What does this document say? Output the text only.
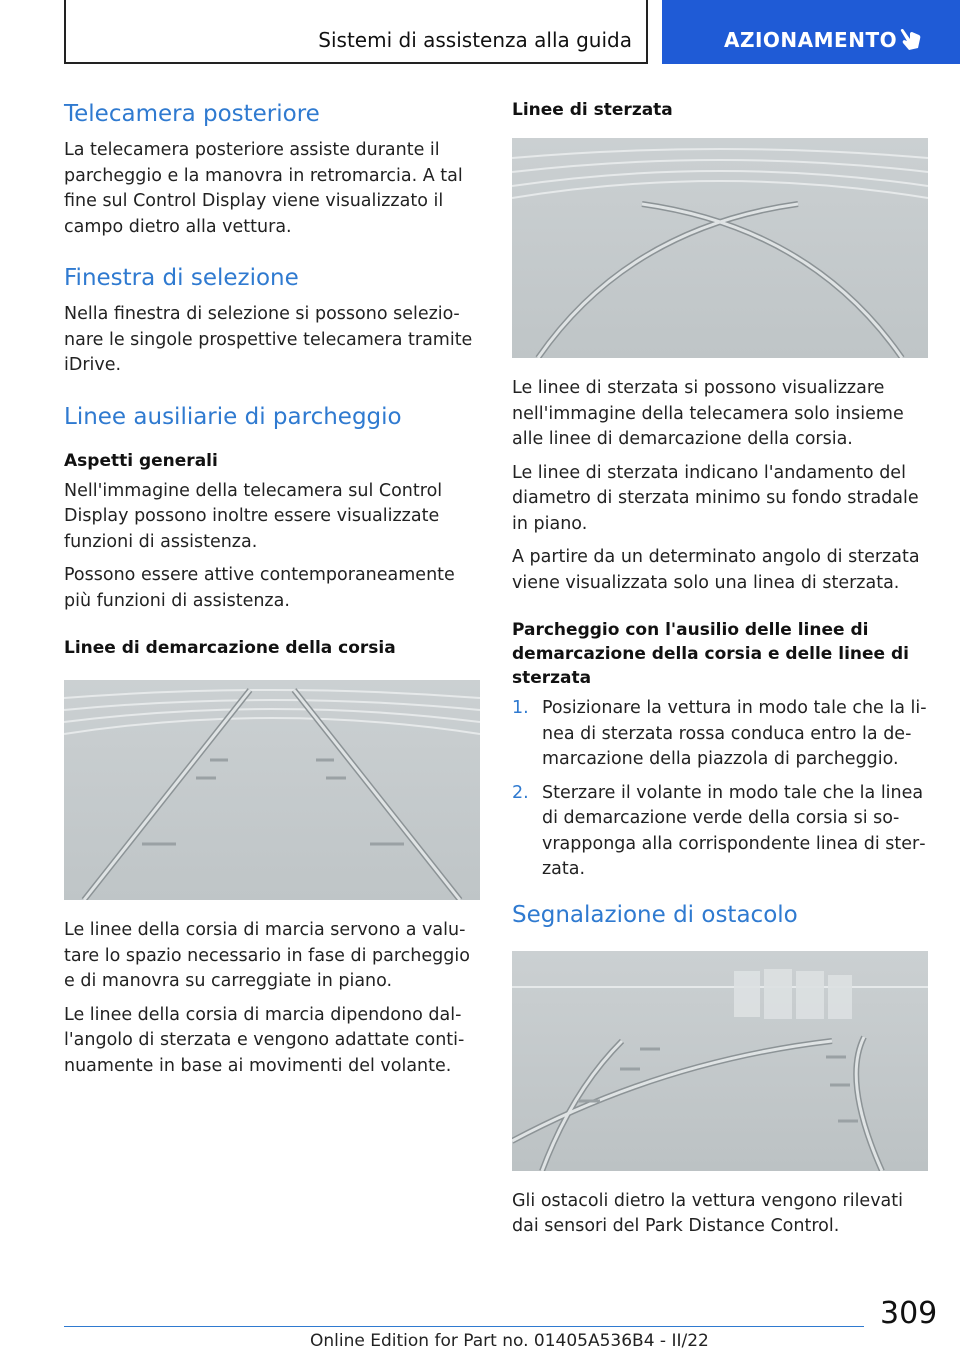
Sistemi di assistenza alla guida	AZIONAMENTO
Telecamera posteriore

La telecamera posteriore assiste durante il parcheggio e la manovra in retromarcia. A tal fine sul Control Display viene visualizzato il campo dietro alla vettura.

Finestra di selezione

Nella finestra di selezione si possono selezionare le singole prospettive telecamera tramite iDrive.

Linee ausiliarie di parcheggio
Aspetti generali

Nell'immagine della telecamera sul Control Display possono inoltre essere visualizzate funzioni di assistenza.

Possono essere attive contemporaneamente più funzioni di assistenza.

Linee di demarcazione della corsia

Le linee della corsia di marcia servono a valutare lo spazio necessario in fase di parcheggio e di manovra su carreggiate in piano.

Le linee della corsia di marcia dipendono dall'angolo di sterzata e vengono adattate continuamente in base ai movimenti del volante.

Linee di sterzata

Le linee di sterzata si possono visualizzare nell'immagine della telecamera solo insieme alle linee di demarcazione della corsia.

Le linee di sterzata indicano l'andamento del diametro di sterzata minimo su fondo stradale in piano.

A partire da un determinato angolo di sterzata viene visualizzata solo una linea di sterzata.

Parcheggio con l'ausilio delle linee di demarcazione della corsia e delle linee di sterzata
1. Posizionare la vettura in modo tale che la linea di sterzata rossa conduca entro la demarcazione della piazzola di parcheggio.
2. Sterzare il volante in modo tale che la linea di demarcazione verde della corsia si sovrapponga alla corrispondente linea di sterzata.
Segnalazione di ostacolo

Gli ostacoli dietro la vettura vengono rilevati dai sensori del Park Distance Control.

309
Online Edition for Part no. 01405A536B4 - II/22
